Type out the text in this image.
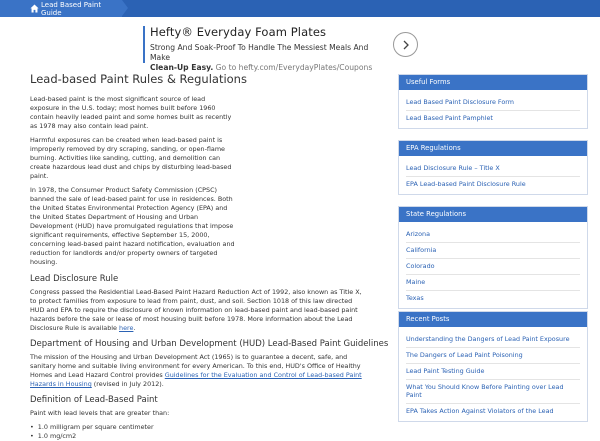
Lead Based Paint Guide
Hefty® Everyday Foam Plates
Strong And Soak-Proof To Handle The Messiest Meals And Make
Clean-Up Easy. Go to hefty.com/EverydayPlates/Coupons
Lead-based Paint Rules & Regulations

Lead-based paint is the most significant source of lead exposure in the U.S. today; most homes built before 1960 contain heavily leaded paint and some homes built as recently as 1978 may also contain lead paint.

Harmful exposures can be created when lead-based paint is improperly removed by dry scraping, sanding, or open-flame burning. Activities like sanding, cutting, and demolition can create hazardous lead dust and chips by disturbing lead-based paint.

In 1978, the Consumer Product Safety Commission (CPSC) banned the sale of lead-based paint for use in residences. Both the United States Environmental Protection Agency (EPA) and the United States Department of Housing and Urban Development (HUD) have promulgated regulations that impose significant requirements, effective September 15, 2000, concerning lead-based paint hazard notification, evaluation and reduction for landlords and/or property owners of targeted housing.

Lead Disclosure Rule

Congress passed the Residential Lead-Based Paint Hazard Reduction Act of 1992, also known as Title X, to protect families from exposure to lead from paint, dust, and soil. Section 1018 of this law directed HUD and EPA to require the disclosure of known information on lead-based paint and lead-based paint hazards before the sale or lease of most housing built before 1978. More information about the Lead Disclosure Rule is available here.

Department of Housing and Urban Development (HUD) Lead-Based Paint Guidelines

The mission of the Housing and Urban Development Act (1965) is to guarantee a decent, safe, and sanitary home and suitable living environment for every American. To this end, HUD's Office of Healthy Homes and Lead Hazard Control provides Guidelines for the Evaluation and Control of Lead-based Paint Hazards in Housing (revised in July 2012).

Definition of Lead-Based Paint

Paint with lead levels that are greater than:

• 1.0 milligram per square centimeter
• 1.0 mg/cm2
Useful Forms
Lead Based Paint Disclosure Form
Lead Based Paint Pamphlet
EPA Regulations
Lead Disclosure Rule – Title X
EPA Lead-based Paint Disclosure Rule
State Regulations
Arizona
California
Colorado
Maine
Texas
Recent Posts
Understanding the Dangers of Lead Paint Exposure
The Dangers of Lead Paint Poisoning
Lead Paint Testing Guide
What You Should Know Before Painting over Lead Paint
EPA Takes Action Against Violators of the Lead
